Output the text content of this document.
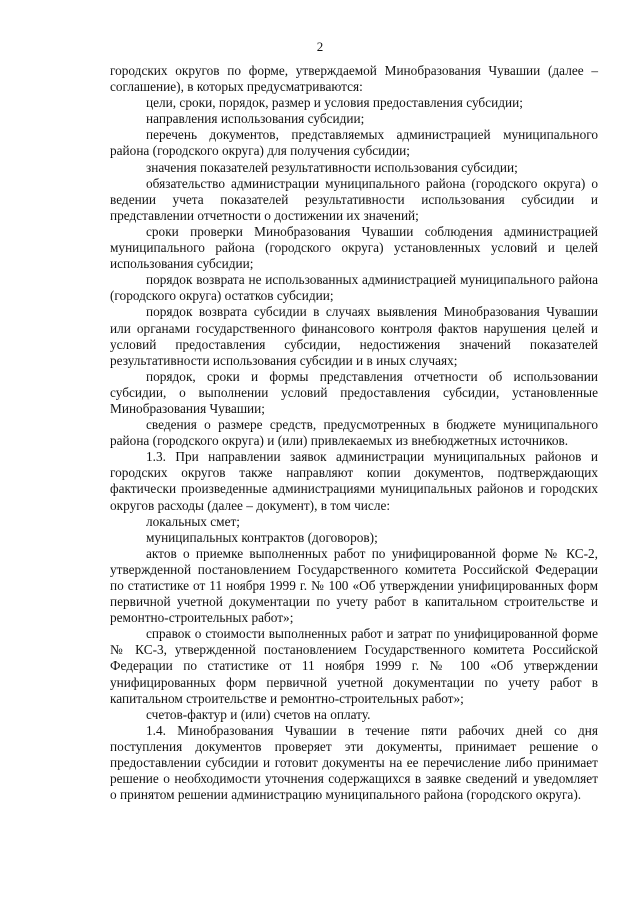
2

городских округов по форме, утверждаемой Минобразования Чувашии (далее – соглашение), в которых предусматриваются:

цели, сроки, порядок, размер и условия предоставления субсидии;

направления использования субсидии;

перечень документов, представляемых администрацией муниципального района (городского округа) для получения субсидии;

значения показателей результативности использования субсидии;

обязательство администрации муниципального района (городского округа) о ведении учета показателей результативности использования субсидии и представлении отчетности о достижении их значений;

сроки проверки Минобразования Чувашии соблюдения администрацией муниципального района (городского округа) установленных условий и целей использования субсидии;

порядок возврата не использованных администрацией муниципального района (городского округа) остатков субсидии;

порядок возврата субсидии в случаях выявления Минобразования Чувашии или органами государственного финансового контроля фактов нарушения целей и условий предоставления субсидии, недостижения значений показателей результативности использования субсидии и в иных случаях;

порядок, сроки и формы представления отчетности об использовании субсидии, о выполнении условий предоставления субсидии, установленные Минобразования Чувашии;

сведения о размере средств, предусмотренных в бюджете муниципального района (городского округа) и (или) привлекаемых из внебюджетных источников.

1.3. При направлении заявок администрации муниципальных районов и городских округов также направляют копии документов, подтверждающих фактически произведенные администрациями муниципальных районов и городских округов расходы (далее – документ), в том числе:

локальных смет;

муниципальных контрактов (договоров);

актов о приемке выполненных работ по унифицированной форме № КС-2, утвержденной постановлением Государственного комитета Российской Федерации по статистике от 11 ноября 1999 г. № 100 «Об утверждении унифицированных форм первичной учетной документации по учету работ в капитальном строительстве и ремонтно-строительных работ»;

справок о стоимости выполненных работ и затрат по унифицированной форме № КС-3, утвержденной постановлением Государственного комитета Российской Федерации по статистике от 11 ноября 1999 г. № 100 «Об утверждении унифицированных форм первичной учетной документации по учету работ в капитальном строительстве и ремонтно-строительных работ»;

счетов-фактур и (или) счетов на оплату.

1.4. Минобразования Чувашии в течение пяти рабочих дней со дня поступления документов проверяет эти документы, принимает решение о предоставлении субсидии и готовит документы на ее перечисление либо принимает решение о необходимости уточнения содержащихся в заявке сведений и уведомляет о принятом решении администрацию муниципального района (городского округа).
